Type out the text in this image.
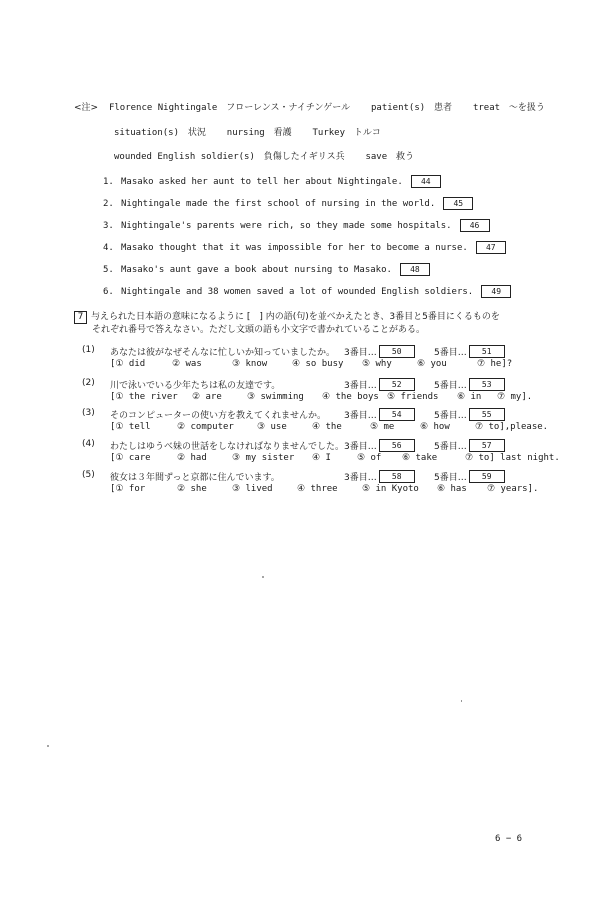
<注> Florence Nightingale フローレンス・ナイチンゲール patient(s) 患者 treat ～を扱う
situation(s) 状況 nursing 看護 Turkey トルコ
wounded English soldier(s) 負傷したイギリス兵 save 救う
1. Masako asked her aunt to tell her about Nightingale.	44
2. Nightingale made the first school of nursing in the world.	45
3. Nightingale's parents were rich, so they made some hospitals.	46
4. Masako thought that it was impossible for her to become a nurse.	47
5. Masako's aunt gave a book about nursing to Masako.	48
6. Nightingale and 38 women saved a lot of wounded English soldiers.	49
7 与えられた日本語の意味になるように [　] 内の語(句)を並べかえたとき、3番目と5番目にくるものを
それぞれ番号で答えなさい。ただし文頭の語も小文字で書かれていることがある。
(1) あなたは彼がなぜそんなに忙しいか知っていましたか。 3番目…	50	5番目…	51
[① did	② was	③ know	④ so busy ⑤ why	⑥ you	⑦ he]?
(2) 川で泳いでいる少年たちは私の友達です。	3番目…	52	5番目…	53
[① the river ② are	③ swimming ④ the boys ⑤ friends ⑥ in ⑦ my].
(3) そのコンピューターの使い方を教えてくれませんか。 3番目…	54	5番目…	55
[① tell	② computer	③ use	④ the	⑤ me	⑥ how	⑦ to],please.
(4) わたしはゆうべ妹の世話をしなければなりませんでした。 3番目…	56	5番目…	57
[① care	② had	③ my sister ④ I	⑤ of ⑥ take	⑦ to] last night.
(5) 彼女は３年間ずっと京都に住んでいます。	3番目…	58	5番目…	59
[① for	② she	③ lived	④ three	⑤ in Kyoto ⑥ has ⑦ years].
6 − 6
